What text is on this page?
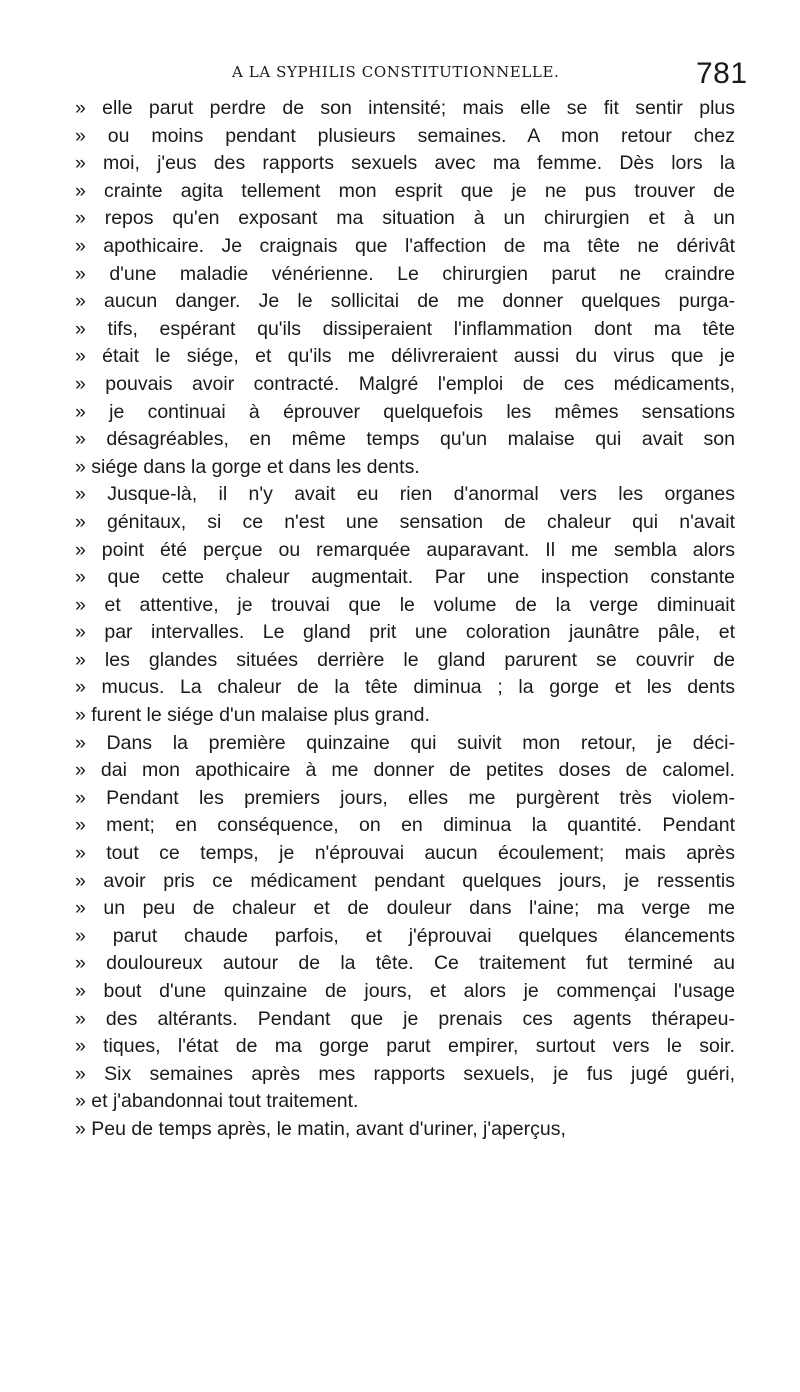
A LA SYPHILIS CONSTITUTIONNELLE.	781
» elle parut perdre de son intensité; mais elle se fit sentir plus
» ou moins pendant plusieurs semaines. A mon retour chez
» moi, j'eus des rapports sexuels avec ma femme. Dès lors la
» crainte agita tellement mon esprit que je ne pus trouver de
» repos qu'en exposant ma situation à un chirurgien et à un
» apothicaire. Je craignais que l'affection de ma tête ne dérivât
» d'une maladie vénérienne. Le chirurgien parut ne craindre
» aucun danger. Je le sollicitai de me donner quelques purga-
» tifs, espérant qu'ils dissiperaient l'inflammation dont ma tête
» était le siége, et qu'ils me délivreraient aussi du virus que je
» pouvais avoir contracté. Malgré l'emploi de ces médicaments,
» je continuai à éprouver quelquefois les mêmes sensations
» désagréables, en même temps qu'un malaise qui avait son
» siége dans la gorge et dans les dents.
» Jusque-là, il n'y avait eu rien d'anormal vers les organes
» génitaux, si ce n'est une sensation de chaleur qui n'avait
» point été perçue ou remarquée auparavant. Il me sembla alors
» que cette chaleur augmentait. Par une inspection constante
» et attentive, je trouvai que le volume de la verge diminuait
» par intervalles. Le gland prit une coloration jaunâtre pâle, et
» les glandes situées derrière le gland parurent se couvrir de
» mucus. La chaleur de la tête diminua ; la gorge et les dents
» furent le siége d'un malaise plus grand.
» Dans la première quinzaine qui suivit mon retour, je déci-
» dai mon apothicaire à me donner de petites doses de calomel.
» Pendant les premiers jours, elles me purgèrent très violem-
» ment; en conséquence, on en diminua la quantité. Pendant
» tout ce temps, je n'éprouvai aucun écoulement; mais après
» avoir pris ce médicament pendant quelques jours, je ressentis
» un peu de chaleur et de douleur dans l'aine; ma verge me
» parut chaude parfois, et j'éprouvai quelques élancements
» douloureux autour de la tête. Ce traitement fut terminé au
» bout d'une quinzaine de jours, et alors je commençai l'usage
» des altérants. Pendant que je prenais ces agents thérapeu-
» tiques, l'état de ma gorge parut empirer, surtout vers le soir.
» Six semaines après mes rapports sexuels, je fus jugé guéri,
» et j'abandonnai tout traitement.
» Peu de temps après, le matin, avant d'uriner, j'aperçus,
